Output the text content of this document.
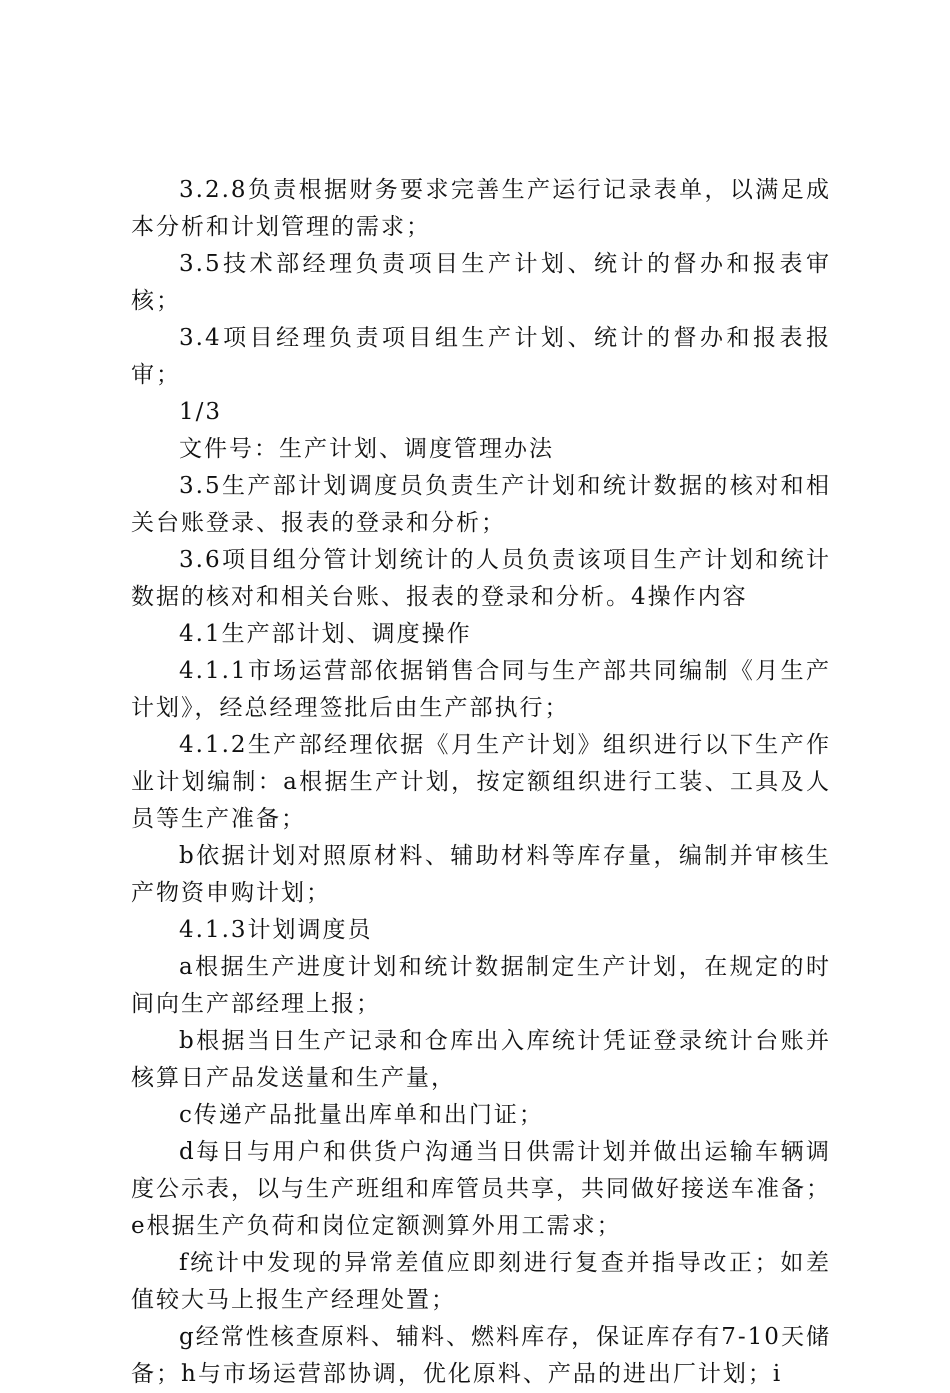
3.2.8负责根据财务要求完善生产运行记录表单，以满足成本分析和计划管理的需求；

3.5技术部经理负责项目生产计划、统计的督办和报表审核；

3.4项目经理负责项目组生产计划、统计的督办和报表报审；

1/3

文件号：生产计划、调度管理办法

3.5生产部计划调度员负责生产计划和统计数据的核对和相关台账登录、报表的登录和分析；

3.6项目组分管计划统计的人员负责该项目生产计划和统计数据的核对和相关台账、报表的登录和分析。4操作内容

4.1生产部计划、调度操作

4.1.1市场运营部依据销售合同与生产部共同编制《月生产计划》，经总经理签批后由生产部执行；

4.1.2生产部经理依据《月生产计划》组织进行以下生产作业计划编制：a根据生产计划，按定额组织进行工装、工具及人员等生产准备；

b依据计划对照原材料、辅助材料等库存量，编制并审核生产物资申购计划；

4.1.3计划调度员

a根据生产进度计划和统计数据制定生产计划，在规定的时间向生产部经理上报；

b根据当日生产记录和仓库出入库统计凭证登录统计台账并核算日产品发送量和生产量，

c传递产品批量出库单和出门证；

d每日与用户和供货户沟通当日供需计划并做出运输车辆调度公示表，以与生产班组和库管员共享，共同做好接送车准备；e根据生产负荷和岗位定额测算外用工需求；

f统计中发现的异常差值应即刻进行复查并指导改正；如差值较大马上报生产经理处置；

g经常性核查原料、辅料、燃料库存，保证库存有7-10天储备；h与市场运营部协调，优化原料、产品的进出厂计划；i
